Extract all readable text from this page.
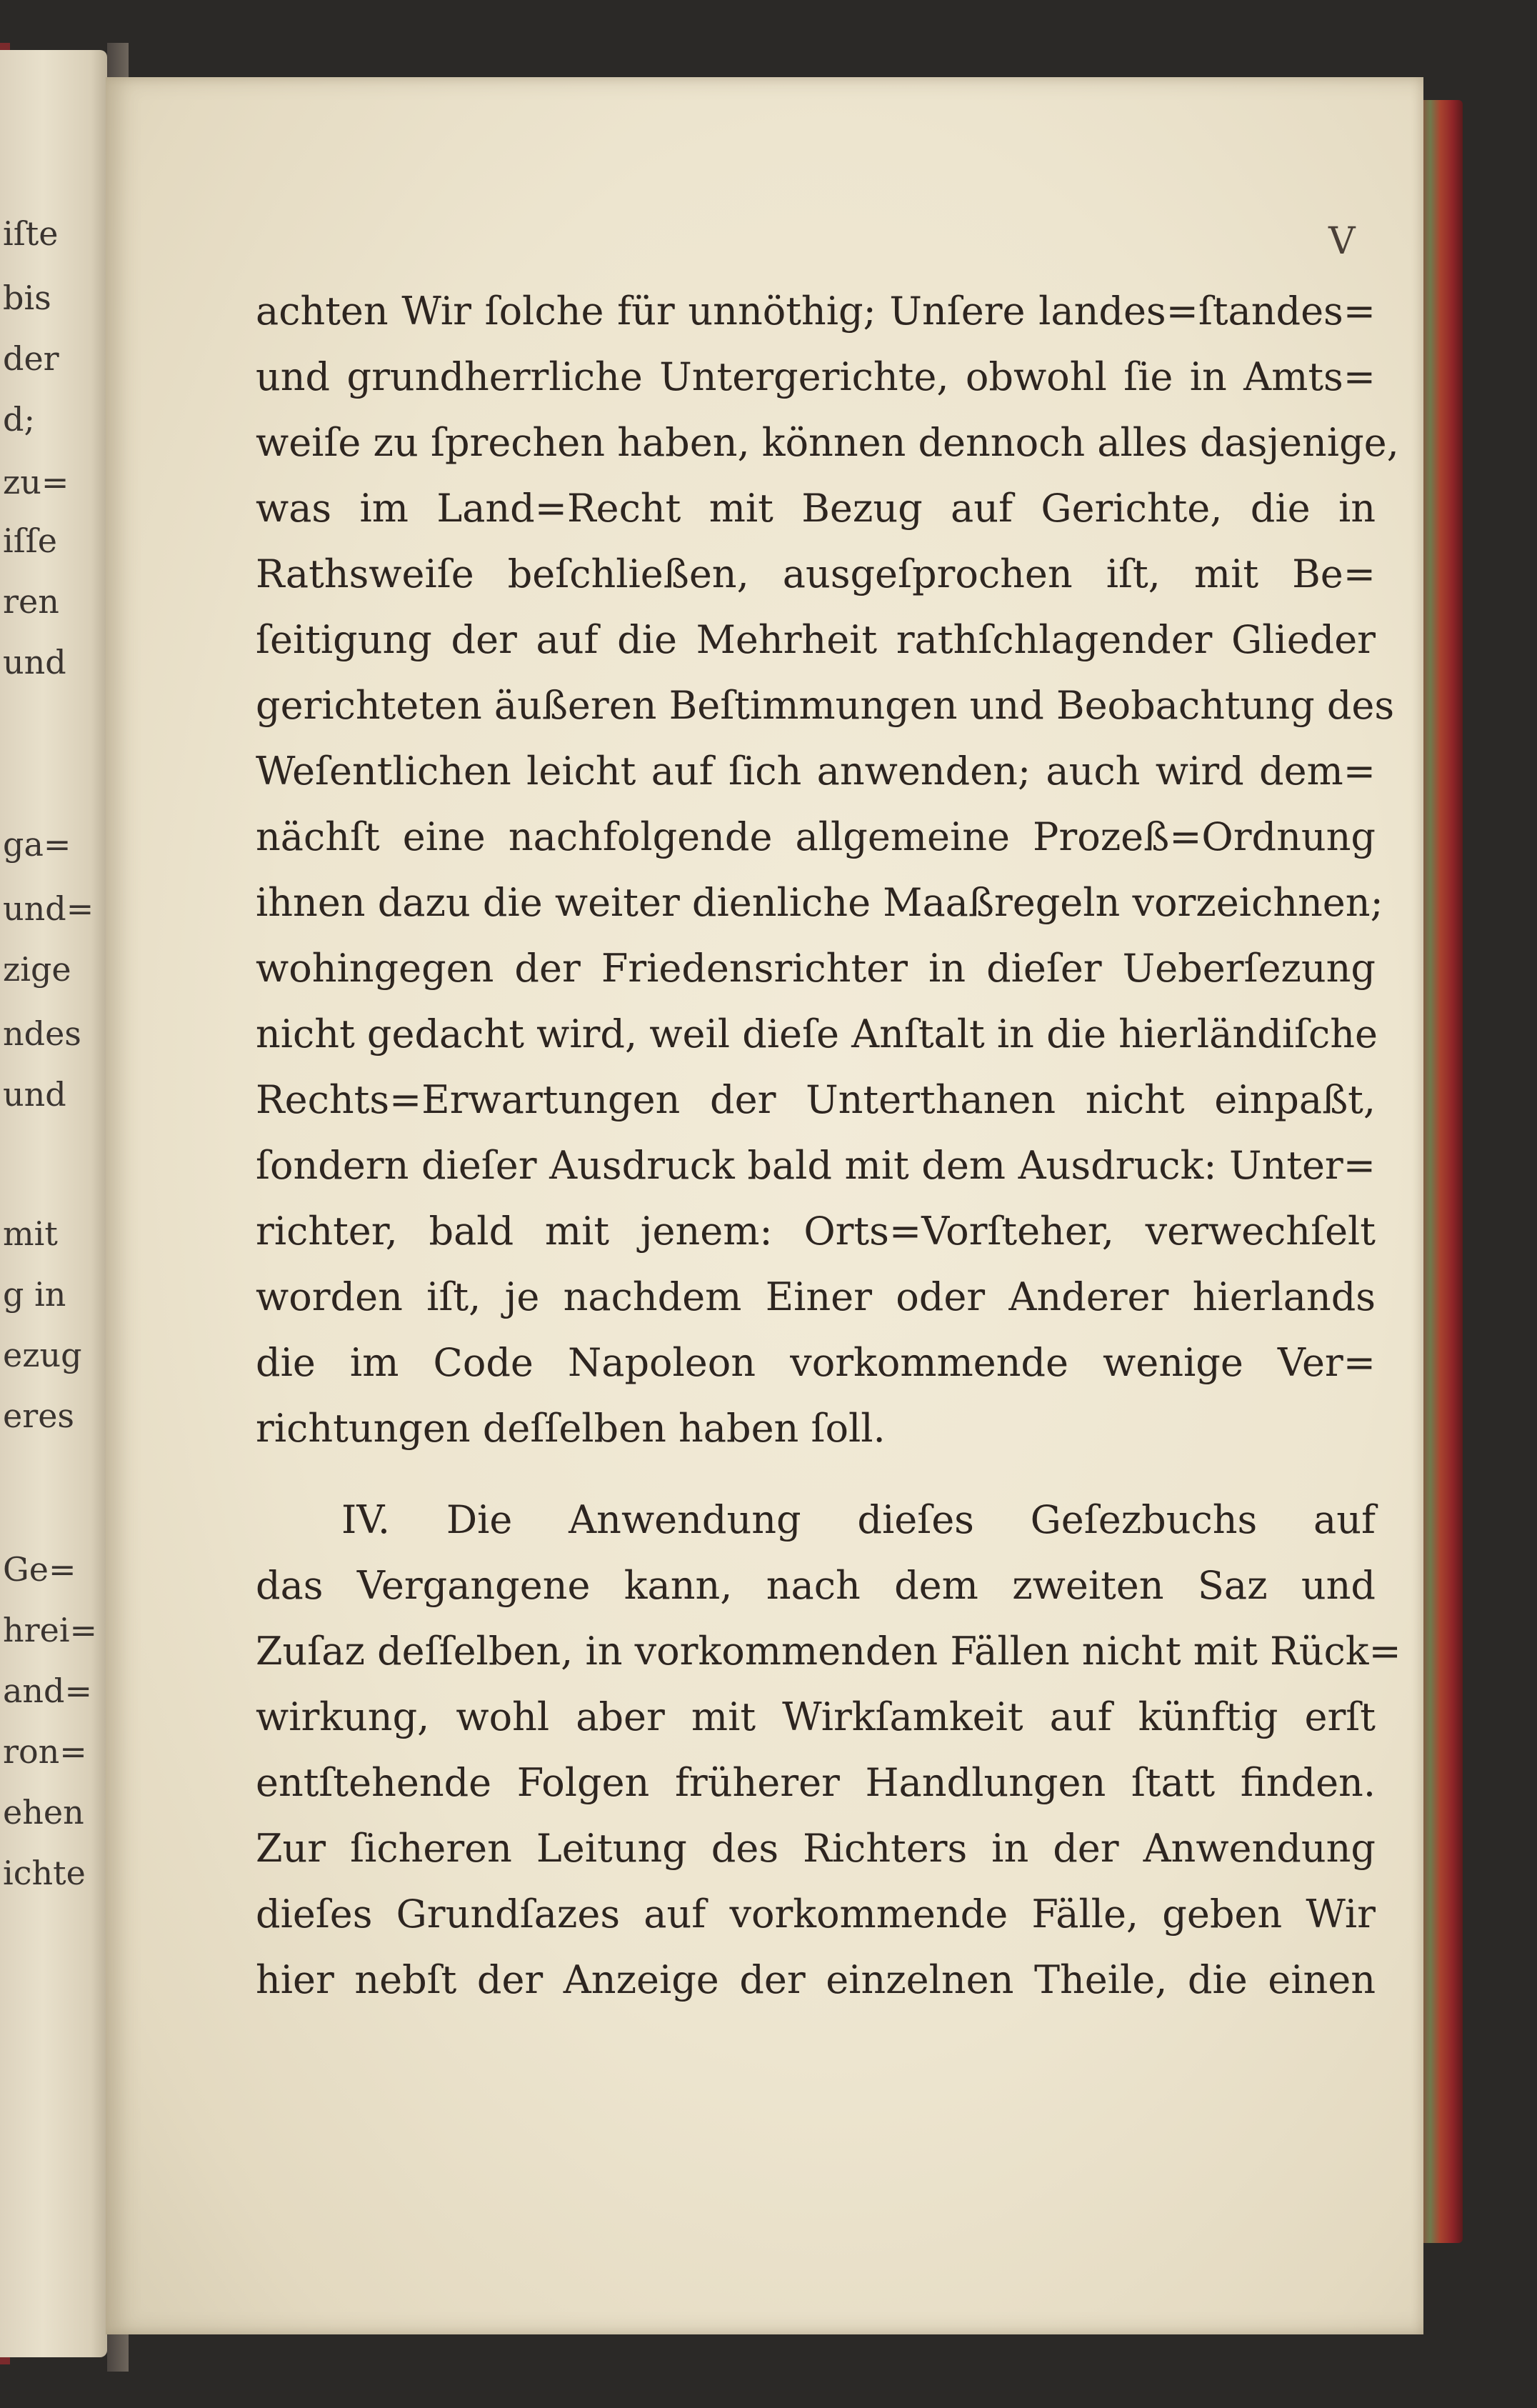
iſte
bis
der
d;
zu=
iſſe
ren
und
ga=
und=
zige
ndes
und
mit
g in
ezug
eres
Ge=
hrei=
and=
ron=
ehen
ichte
V
achten Wir ſolche für unnöthig; Unſere landes=ſtandes=
und grundherrliche Untergerichte, obwohl ſie in Amts=
weiſe zu ſprechen haben, können dennoch alles dasjenige,
was im Land=Recht mit Bezug auf Gerichte, die in
Rathsweiſe beſchließen, ausgeſprochen iſt, mit Be=
ſeitigung der auf die Mehrheit rathſchlagender Glieder
gerichteten äußeren Beſtimmungen und Beobachtung des
Weſentlichen leicht auf ſich anwenden; auch wird dem=
nächſt eine nachfolgende allgemeine Prozeß=Ordnung
ihnen dazu die weiter dienliche Maaßregeln vorzeichnen;
wohingegen der Friedensrichter in dieſer Ueberſezung
nicht gedacht wird, weil dieſe Anſtalt in die hierländiſche
Rechts=Erwartungen der Unterthanen nicht einpaßt,
ſondern dieſer Ausdruck bald mit dem Ausdruck: Unter=
richter, bald mit jenem: Orts=Vorſteher, verwechſelt
worden iſt, je nachdem Einer oder Anderer hierlands
die im Code Napoleon vorkommende wenige Ver=
richtungen deſſelben haben ſoll.
IV. Die Anwendung dieſes Geſezbuchs auf
das Vergangene kann, nach dem zweiten Saz und
Zuſaz deſſelben, in vorkommenden Fällen nicht mit Rück=
wirkung, wohl aber mit Wirkſamkeit auf künftig erſt
entſtehende Folgen früherer Handlungen ſtatt finden.
Zur ſicheren Leitung des Richters in der Anwendung
dieſes Grundſazes auf vorkommende Fälle, geben Wir
hier nebſt der Anzeige der einzelnen Theile, die einen
